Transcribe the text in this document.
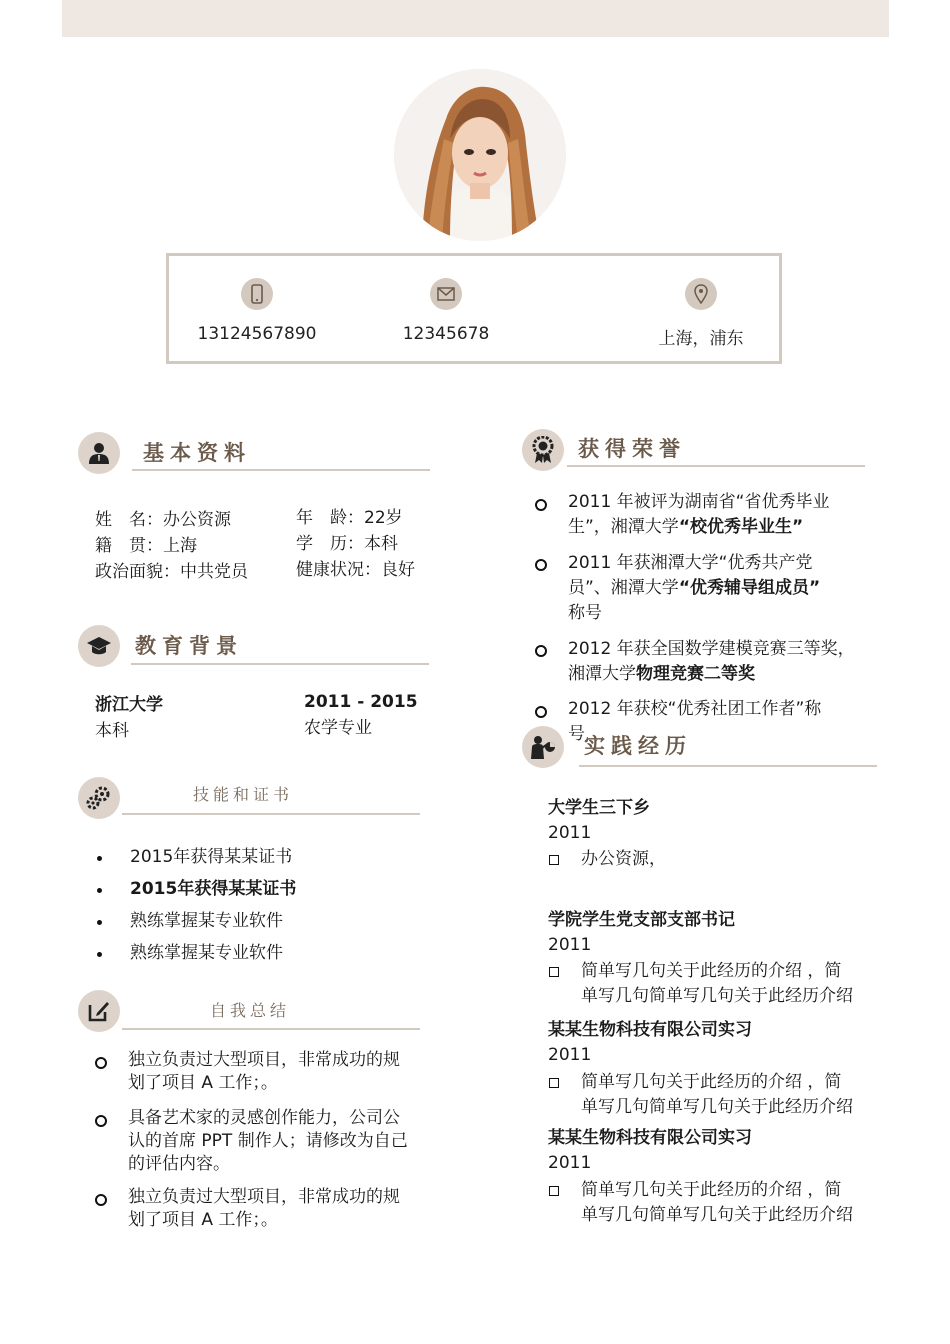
13124567890	12345678	上海，浦东
基本资料
姓　名：办公资源
籍　贯：上海
政治面貌：中共党员
年　龄：22岁
学　历：本科
健康状况：良好
教育背景
浙江大学
本科
2011 - 2015
农学专业
技能和证书
2015年获得某某证书
2015年获得某某证书
熟练掌握某专业软件
熟练掌握某专业软件
自我总结
独立负责过大型项目，非常成功的规
划了项目 A 工作；。
具备艺术家的灵感创作能力，公司公
认的首席 PPT 制作人；请修改为自己
的评估内容。
独立负责过大型项目，非常成功的规
划了项目 A 工作；。
获得荣誉
2011 年被评为湖南省“省优秀毕业
生”，湘潭大学“校优秀毕业生”
2011 年获湘潭大学“优秀共产党
员”、湘潭大学“优秀辅导组成员”
称号
2012 年获全国数学建模竞赛三等奖，
湘潭大学物理竞赛二等奖
2012 年获校“优秀社团工作者”称
号 实践经历
大学生三下乡
2011
办公资源，
学院学生党支部支部书记
2011
简单写几句关于此经历的介绍 ，简
单写几句简单写几句关于此经历介绍
某某生物科技有限公司实习
2011
简单写几句关于此经历的介绍 ，简
单写几句简单写几句关于此经历介绍
某某生物科技有限公司实习
2011
简单写几句关于此经历的介绍 ，简
单写几句简单写几句关于此经历介绍
